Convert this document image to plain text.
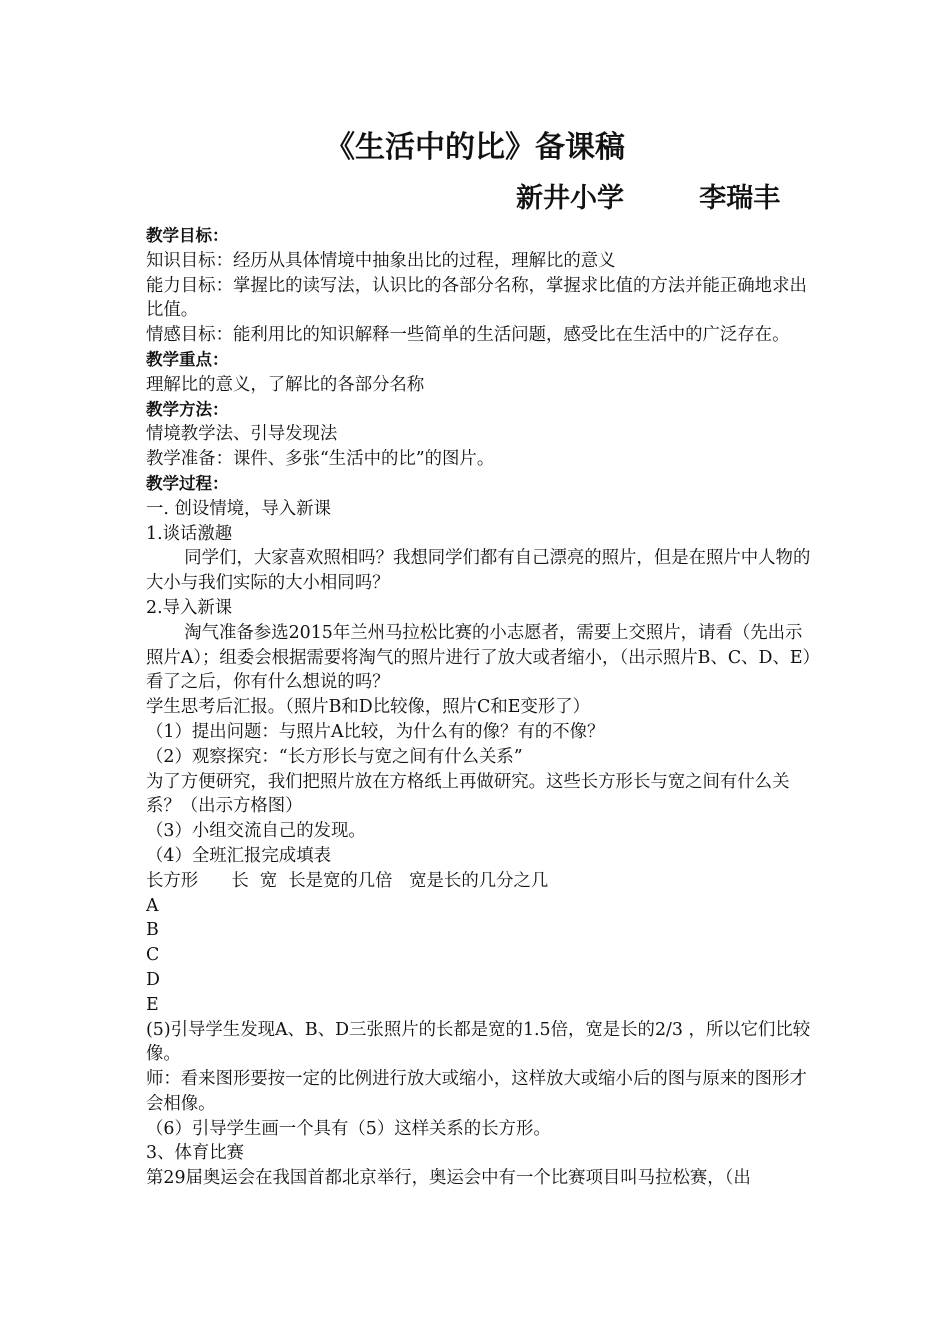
《生活中的比》备课稿
新井小学        李瑞丰

教学目标：

知识目标：经历从具体情境中抽象出比的过程，理解比的意义

能力目标：掌握比的读写法，认识比的各部分名称，掌握求比值的方法并能正确地求出比值。

情感目标：能利用比的知识解释一些简单的生活问题，感受比在生活中的广泛存在。

教学重点：

理解比的意义，了解比的各部分名称

教学方法：

情境教学法、引导发现法

教学准备：课件、多张“生活中的比”的图片。

教学过程：

一. 创设情境，导入新课

1.谈话激趣

同学们，大家喜欢照相吗？我想同学们都有自己漂亮的照片，但是在照片中人物的大小与我们实际的大小相同吗？

2.导入新课

淘气准备参选2015年兰州马拉松比赛的小志愿者，需要上交照片，请看（先出示照片A）；组委会根据需要将淘气的照片进行了放大或者缩小，（出示照片B、C、D、E）看了之后，你有什么想说的吗？

学生思考后汇报。（照片B和D比较像，照片C和E变形了）

（1）提出问题：与照片A比较，为什么有的像？有的不像？

（2）观察探究：“长方形长与宽之间有什么关系”

为了方便研究，我们把照片放在方格纸上再做研究。这些长方形长与宽之间有什么关系？（出示方格图）

（3）小组交流自己的发现。

（4）全班汇报完成填表

长方形      长  宽  长是宽的几倍   宽是长的几分之几

A

B

C

D

E

(5)引导学生发现A、B、D三张照片的长都是宽的1.5倍，宽是长的2/3 ，所以它们比较像。

师：看来图形要按一定的比例进行放大或缩小，这样放大或缩小后的图与原来的图形才会相像。

（6）引导学生画一个具有（5）这样关系的长方形。

3、体育比赛

第29届奥运会在我国首都北京举行，奥运会中有一个比赛项目叫马拉松赛，（出
